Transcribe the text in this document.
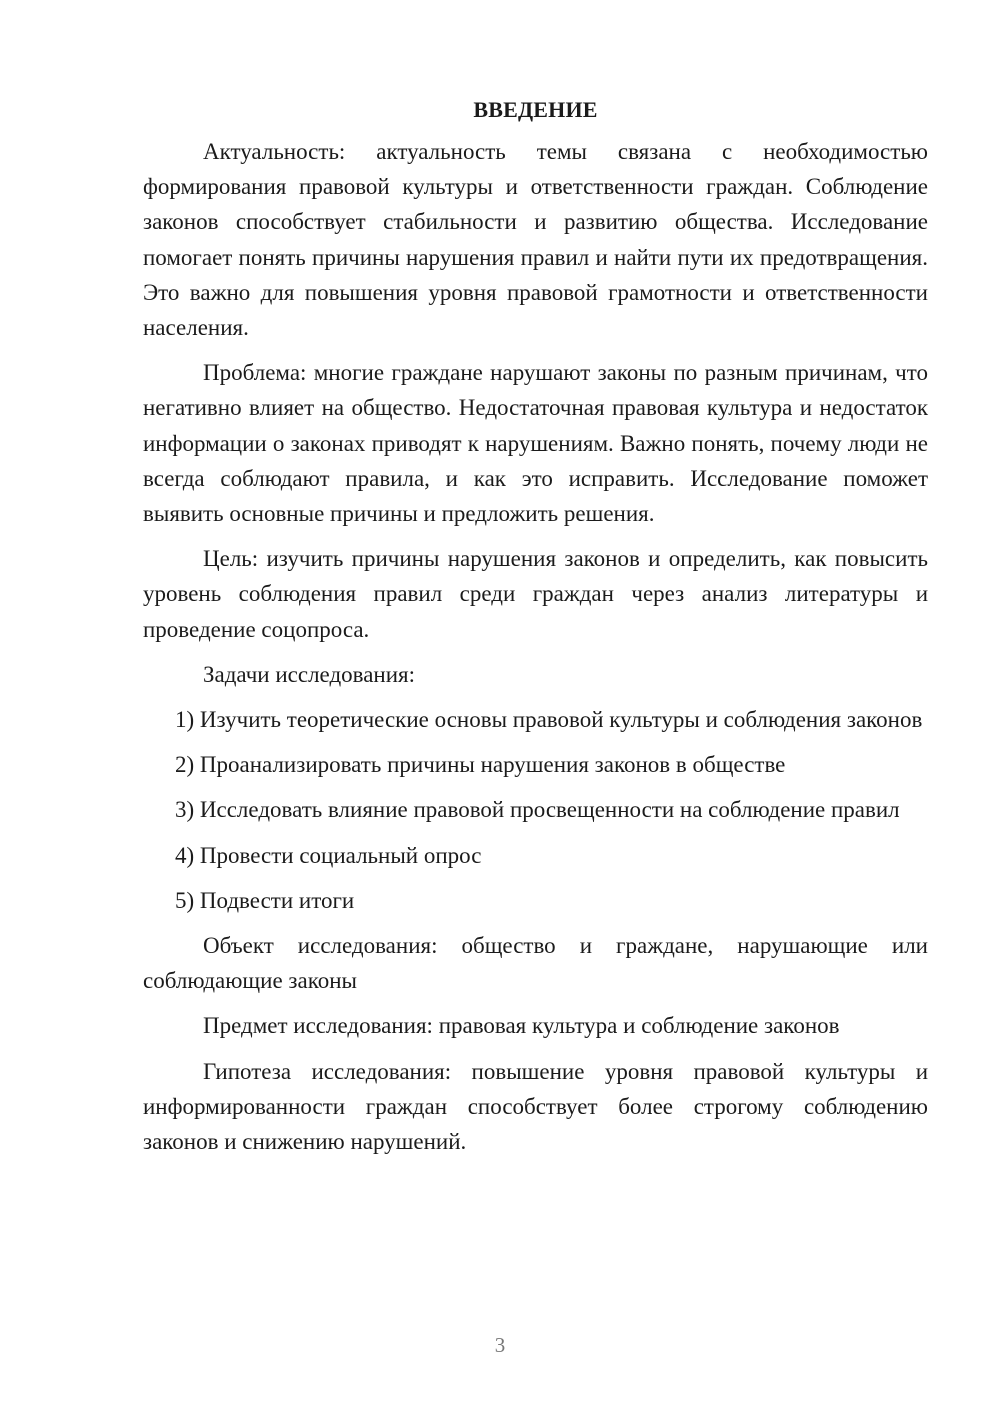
ВВЕДЕНИЕ

Актуальность: актуальность темы связана с необходимостью формирования правовой культуры и ответственности граждан. Соблюдение законов способствует стабильности и развитию общества. Исследование помогает понять причины нарушения правил и найти пути их предотвращения. Это важно для повышения уровня правовой грамотности и ответственности населения.

Проблема: многие граждане нарушают законы по разным причинам, что негативно влияет на общество. Недостаточная правовая культура и недостаток информации о законах приводят к нарушениям. Важно понять, почему люди не всегда соблюдают правила, и как это исправить. Исследование поможет выявить основные причины и предложить решения.

Цель: изучить причины нарушения законов и определить, как повысить уровень соблюдения правил среди граждан через анализ литературы и проведение соцопроса.

Задачи исследования:

1) Изучить теоретические основы правовой культуры и соблюдения законов

2) Проанализировать причины нарушения законов в обществе

3) Исследовать влияние правовой просвещенности на соблюдение правил

4) Провести социальный опрос

5) Подвести итоги

Объект исследования: общество и граждане, нарушающие или соблюдающие законы

Предмет исследования: правовая культура и соблюдение законов

Гипотеза исследования: повышение уровня правовой культуры и информированности граждан способствует более строгому соблюдению законов и снижению нарушений.

3
